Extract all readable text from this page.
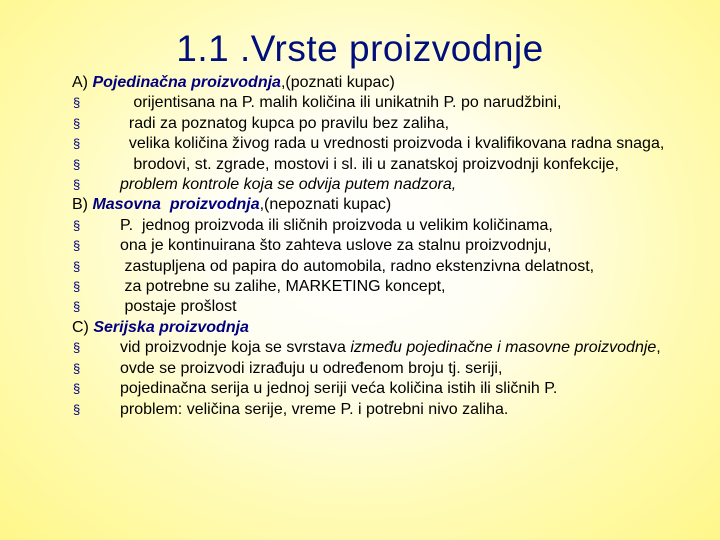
1.1 .Vrste proizvodnje

A) Pojedinačna proizvodnja,(poznati kupac)

§ orijentisana na P. malih količina ili unikatnih P. po narudžbini,

§ radi za poznatog kupca po pravilu bez zaliha,

§ velika količina živog rada u vrednosti proizvoda i kvalifikovana radna snaga,

§ brodovi, st. zgrade, mostovi i sl. ili u zanatskoj proizvodnji konfekcije,

§ problem kontrole koja se odvija putem nadzora,

B) Masovna  proizvodnja,(nepoznati kupac)

§ P.  jednog proizvoda ili sličnih proizvoda u velikim količinama,

§ ona je kontinuirana što zahteva uslove za stalnu proizvodnju,

§ zastupljena od papira do automobila, radno ekstenzivna delatnost,

§ za potrebne su zalihe, MARKETING koncept,

§ postaje prošlost

C) Serijska proizvodnja

§ vid proizvodnje koja se svrstava između pojedinačne i masovne proizvodnje,

§ ovde se proizvodi izrađuju u određenom broju tj. seriji,

§ pojedinačna serija u jednoj seriji veća količina istih ili sličnih P.

§ problem: veličina serije, vreme P. i potrebni nivo zaliha.
